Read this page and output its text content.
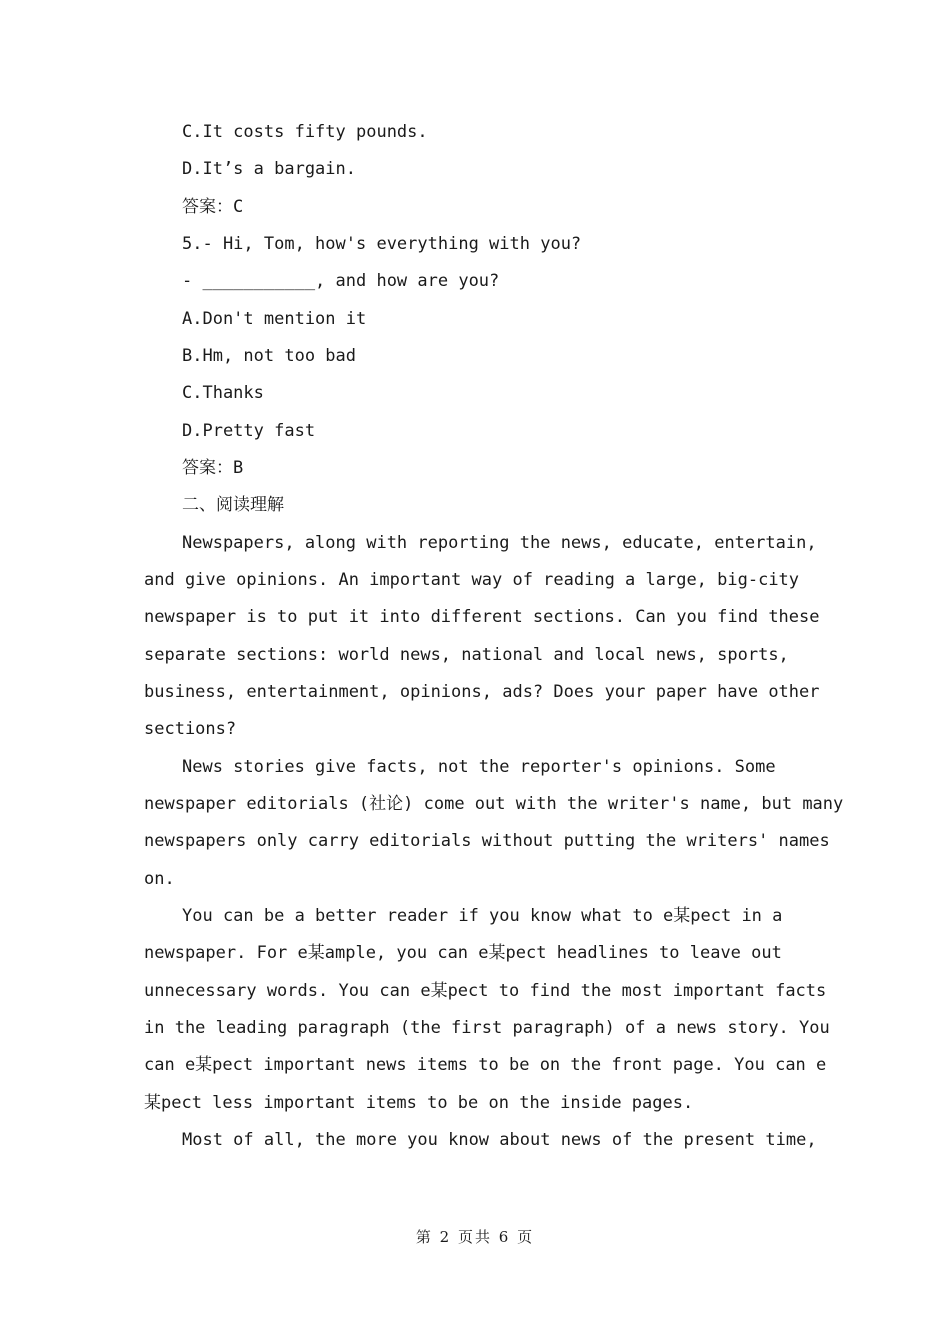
C.It costs fifty pounds.
D.It’s a bargain.
答案：C
5.- Hi, Tom, how's everything with you?
- ___________, and how are you?
A.Don't mention it
B.Hm, not too bad
C.Thanks
D.Pretty fast
答案：B
二、阅读理解
Newspapers, along with reporting the news, educate, entertain,
and give opinions. An important way of reading a large, big-city
newspaper is to put it into different sections. Can you find these
separate sections: world news, national and local news, sports,
business, entertainment, opinions, ads? Does your paper have other
sections?
News stories give facts, not the reporter's opinions. Some
newspaper editorials (社论) come out with the writer's name, but many
newspapers only carry editorials without putting the writers' names
on.
You can be a better reader if you know what to e某pect in a
newspaper. For e某ample, you can e某pect headlines to leave out
unnecessary words. You can e某pect to find the most important facts
in the leading paragraph (the first paragraph) of a news story. You
can e某pect important news items to be on the front page. You can e
某pect less important items to be on the inside pages.
Most of all, the more you know about news of the present time,
第 2 页共 6 页
